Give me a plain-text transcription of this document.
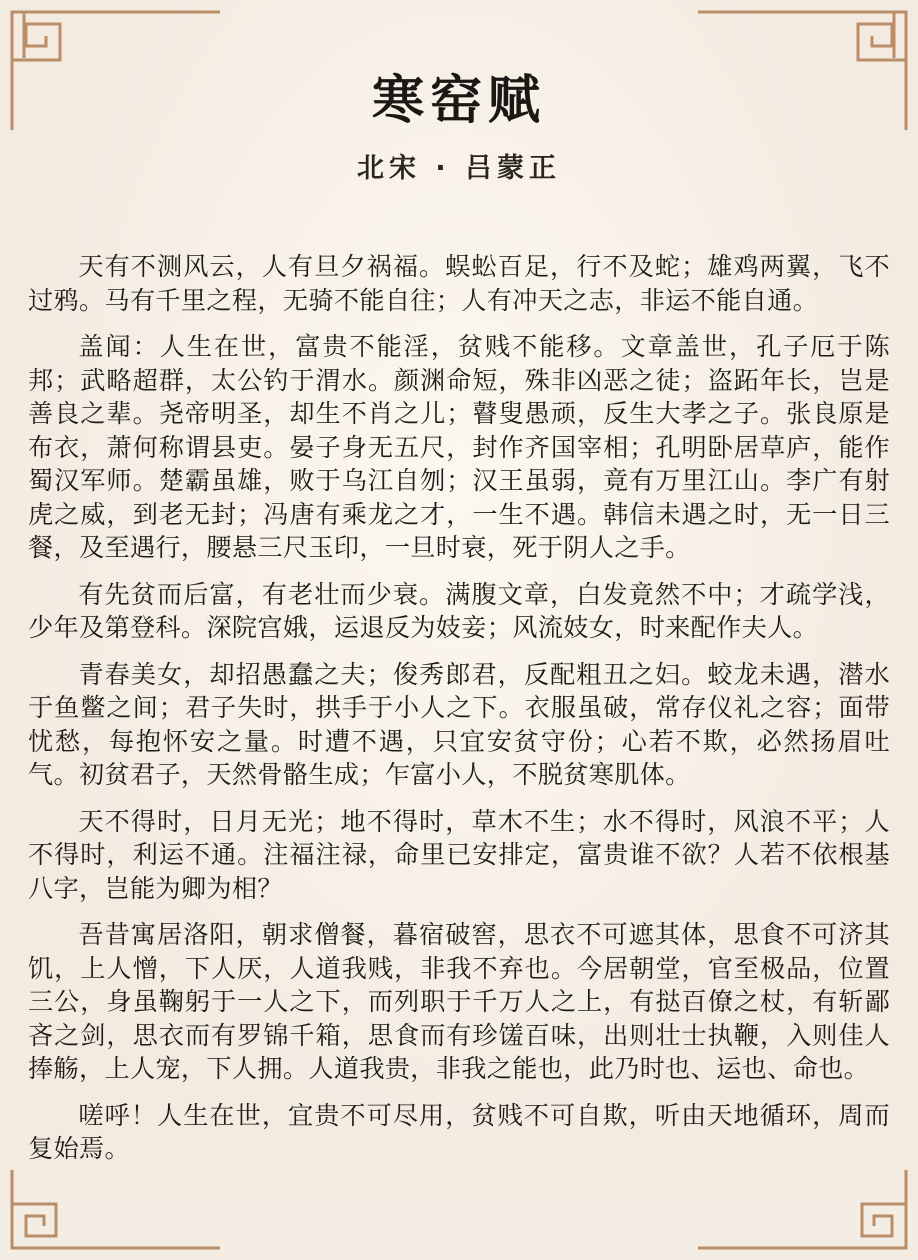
寒窑赋
北宋 · 吕蒙正

天有不测风云，人有旦夕祸福。蜈蚣百足，行不及蛇；雄鸡两翼，飞不过鸦。马有千里之程，无骑不能自往；人有冲天之志，非运不能自通。

盖闻：人生在世，富贵不能淫，贫贱不能移。文章盖世，孔子厄于陈邦；武略超群，太公钓于渭水。颜渊命短，殊非凶恶之徒；盗跖年长，岂是善良之辈。尧帝明圣，却生不肖之儿；瞽叟愚顽，反生大孝之子。张良原是布衣，萧何称谓县吏。晏子身无五尺，封作齐国宰相；孔明卧居草庐，能作蜀汉军师。楚霸虽雄，败于乌江自刎；汉王虽弱，竟有万里江山。李广有射虎之威，到老无封；冯唐有乘龙之才，一生不遇。韩信未遇之时，无一日三餐，及至遇行，腰悬三尺玉印，一旦时衰，死于阴人之手。

有先贫而后富，有老壮而少衰。满腹文章，白发竟然不中；才疏学浅，少年及第登科。深院宫娥，运退反为妓妾；风流妓女，时来配作夫人。

青春美女，却招愚蠢之夫；俊秀郎君，反配粗丑之妇。蛟龙未遇，潜水于鱼鳖之间；君子失时，拱手于小人之下。衣服虽破，常存仪礼之容；面带忧愁，每抱怀安之量。时遭不遇，只宜安贫守份；心若不欺，必然扬眉吐气。初贫君子，天然骨骼生成；乍富小人，不脱贫寒肌体。

天不得时，日月无光；地不得时，草木不生；水不得时，风浪不平；人不得时，利运不通。注福注禄，命里已安排定，富贵谁不欲？人若不依根基八字，岂能为卿为相？

吾昔寓居洛阳，朝求僧餐，暮宿破窖，思衣不可遮其体，思食不可济其饥，上人憎，下人厌，人道我贱，非我不弃也。今居朝堂，官至极品，位置三公，身虽鞠躬于一人之下，而列职于千万人之上，有挞百僚之杖，有斩鄙吝之剑，思衣而有罗锦千箱，思食而有珍馐百味，出则壮士执鞭，入则佳人捧觞，上人宠，下人拥。人道我贵，非我之能也，此乃时也、运也、命也。

嗟呼！人生在世，宜贵不可尽用，贫贱不可自欺，听由天地循环，周而复始焉。
